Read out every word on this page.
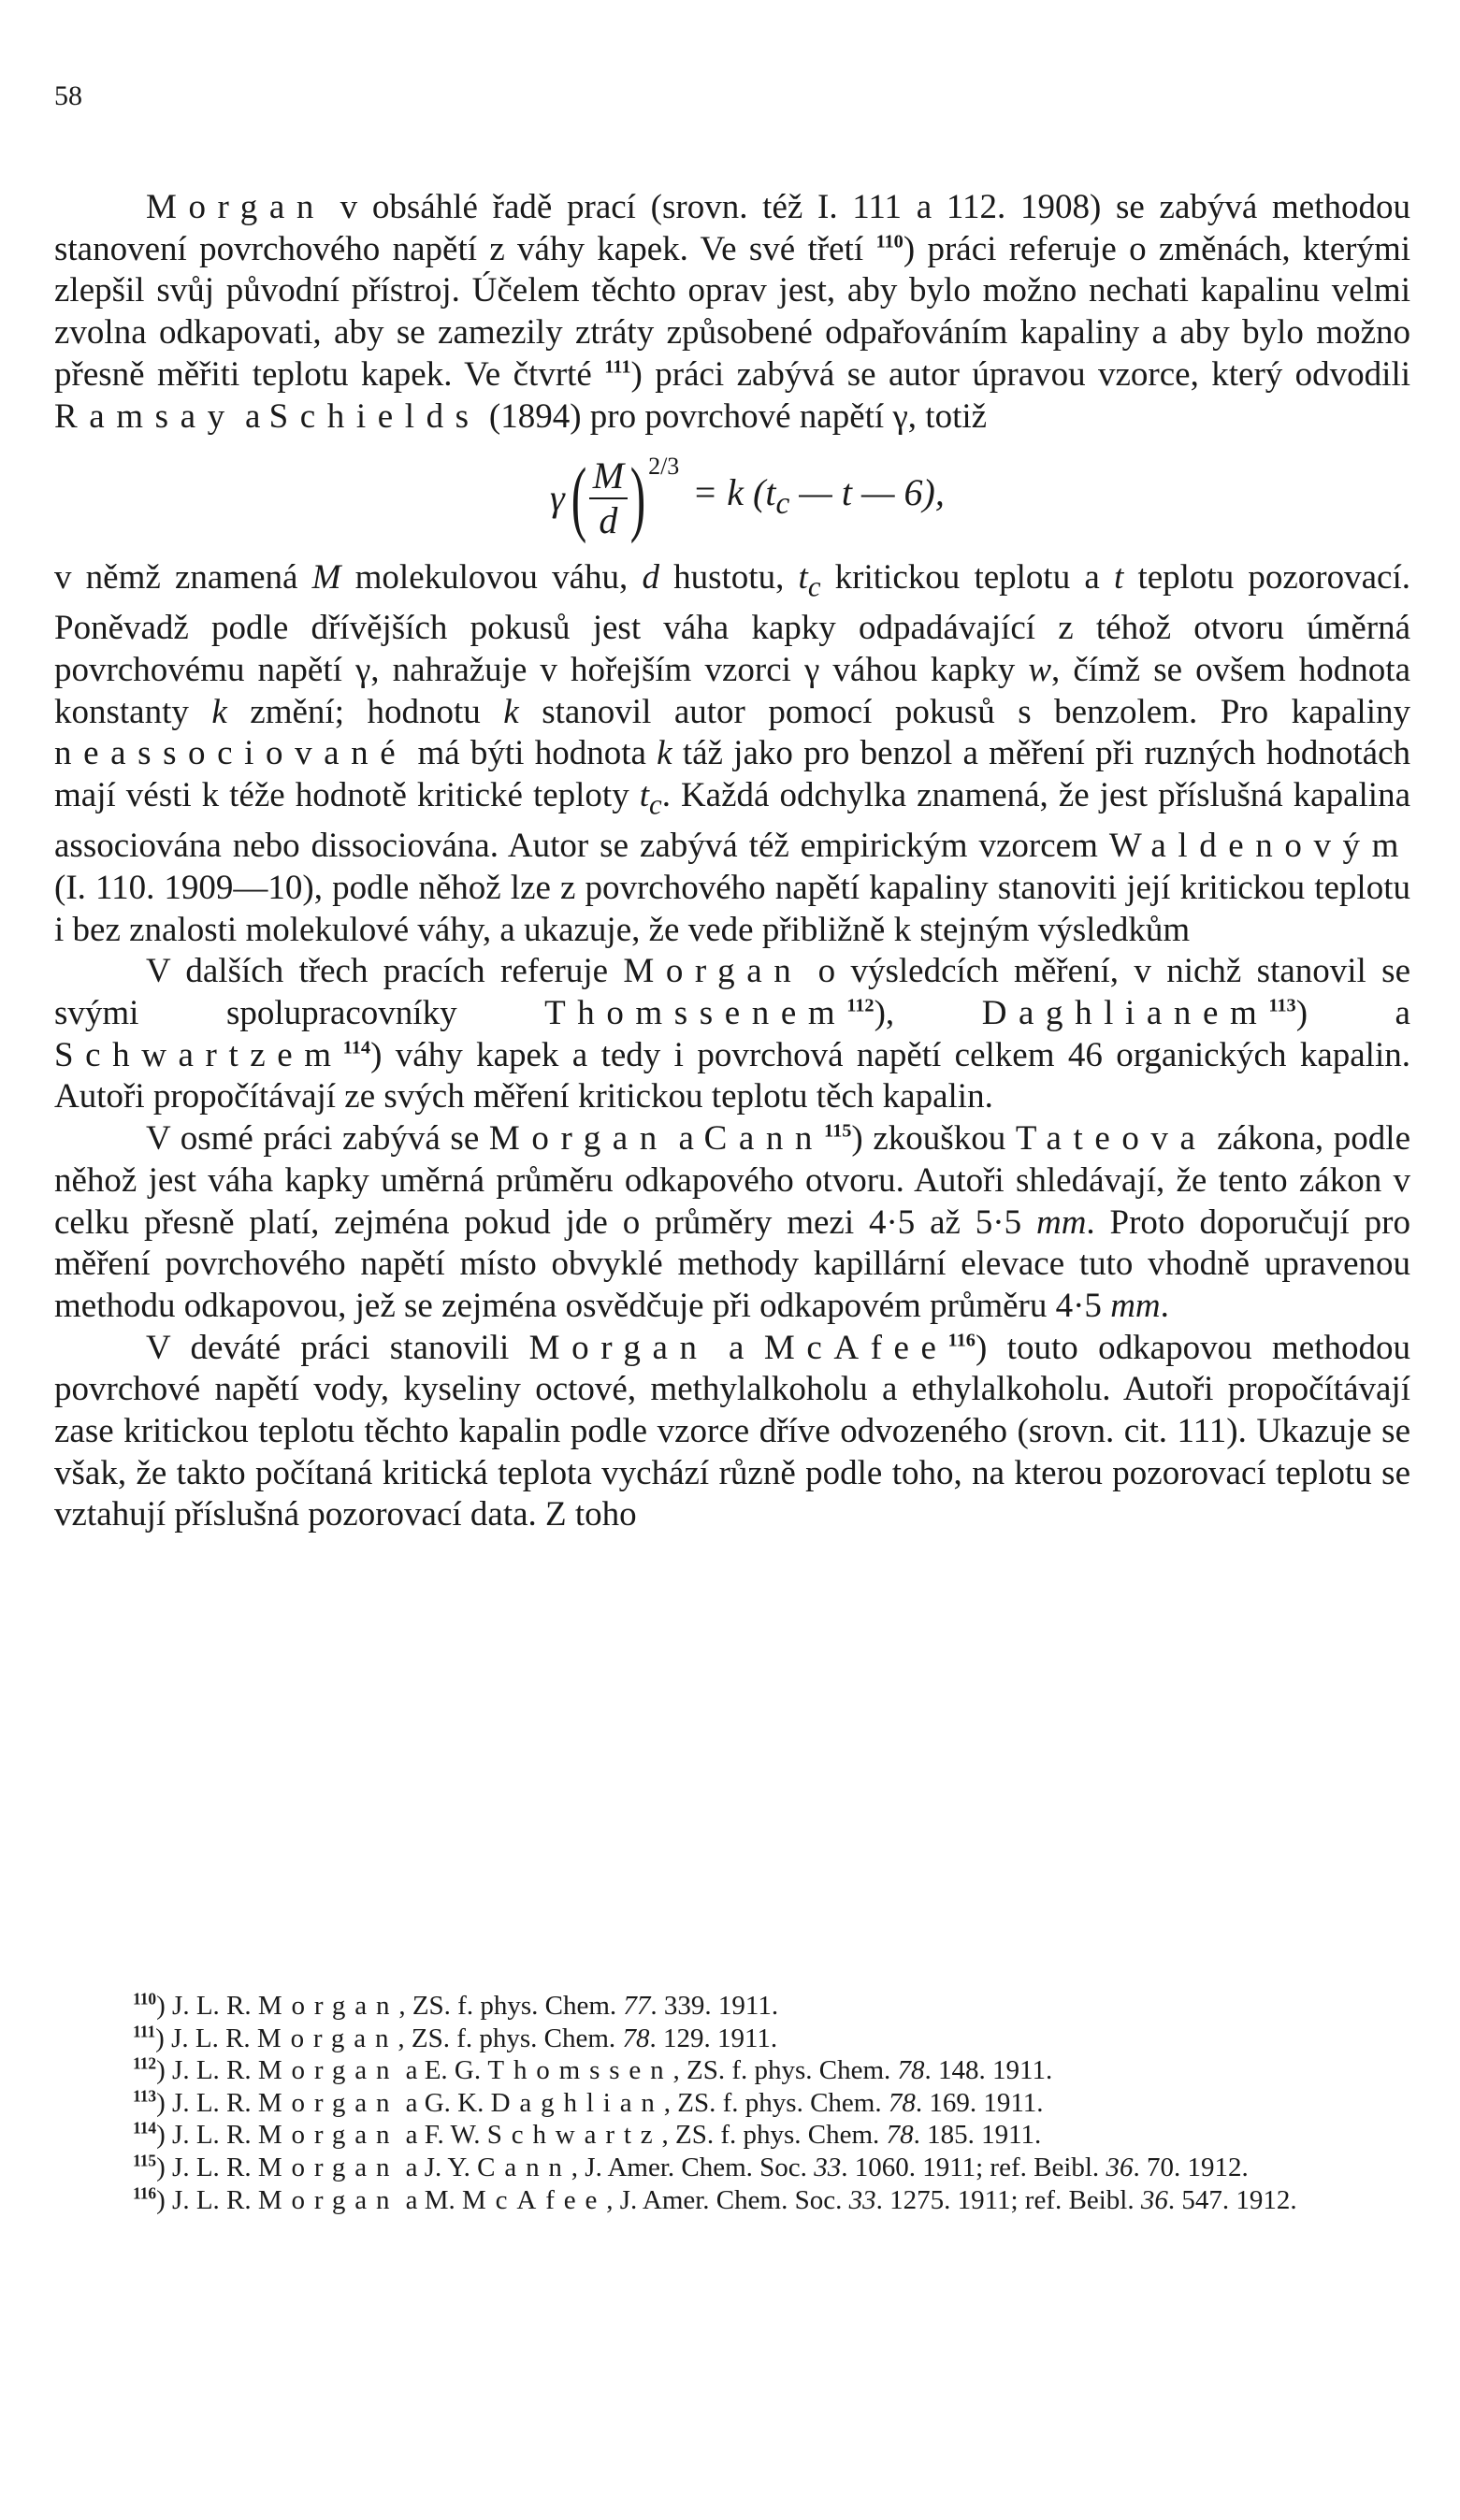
58

Morgan v obsáhlé řadě prací (srovn. též I. 111 a 112. 1908) se zabývá methodou stanovení povrchového napětí z váhy kapek. Ve své třetí $^{110}$) práci referuje o změnách, kterými zlepšil svůj původní přístroj. Účelem těchto oprav jest, aby bylo možno nechati kapalinu velmi zvolna odkapovati, aby se zamezily ztráty způsobené odpařováním kapaliny a aby bylo možno přesně měřiti teplotu kapek. Ve čtvrté $^{111}$) práci zabývá se autor úpravou vzorce, který odvodili Ramsay a Schields (1894) pro povrchové napětí γ, totiž

γ ( $\frac{M}{d}$ ) 2/3
= k ($t_c$ — t — 6),

v němž znamená M molekulovou váhu, d hustotu, $t_c$ kritickou teplotu a t teplotu pozorovací. Poněvadž podle dřívějších pokusů jest váha kapky odpadávající z téhož otvoru úměrná povrchovému napětí γ, nahražuje v hořejším vzorci γ váhou kapky w, čímž se ovšem hodnota konstanty k změní; hodnotu k stanovil autor pomocí pokusů s benzolem. Pro kapaliny neassociované má býti hodnota k táž jako pro benzol a měření při ruzných hodnotách mají vésti k téže hodnotě kritické teploty $t_c$. Každá odchylka znamená, že jest příslušná kapalina associována nebo dissociována. Autor se zabývá též empirickým vzorcem Waldenovým (I. 110. 1909—10), podle něhož lze z povrchového napětí kapaliny stanoviti její kritickou teplotu i bez znalosti molekulové váhy, a ukazuje, že vede přibližně k stejným výsledkům

V dalších třech pracích referuje Morgan o výsledcích měření, v nichž stanovil se svými spolupracovníky Thomssenem$^{112}$), Daghlianem$^{113}$) a Schwartzem$^{114}$) váhy kapek a tedy i povrchová napětí celkem 46 organických kapalin. Autoři propočítávají ze svých měření kritickou teplotu těch kapalin.

V osmé práci zabývá se Morgan a Cann$^{115}$) zkouškou Tateova zákona, podle něhož jest váha kapky uměrná průměru odkapového otvoru. Autoři shledávají, že tento zákon v celku přesně platí, zejména pokud jde o průměry mezi 4·5 až 5·5 mm. Proto doporučují pro měření povrchového napětí místo obvyklé methody kapillární elevace tuto vhodně upravenou methodu odkapovou, jež se zejména osvědčuje při odkapovém průměru 4·5 mm.

V deváté práci stanovili Morgan a McAfee$^{116}$) touto odkapovou methodou povrchové napětí vody, kyseliny octové, methylalkoholu a ethylalkoholu. Autoři propočítávají zase kritickou teplotu těchto kapalin podle vzorce dříve odvozeného (srovn. cit. 111). Ukazuje se však, že takto počítaná kritická teplota vychází různě podle toho, na kterou pozorovací teplotu se vztahují příslušná pozorovací data. Z toho

$^{110}$) J. L. R. Morgan, ZS. f. phys. Chem. 77. 339. 1911.

$^{111}$) J. L. R. Morgan, ZS. f. phys. Chem. 78. 129. 1911.

$^{112}$) J. L. R. Morgan a E. G. Thomssen, ZS. f. phys. Chem. 78. 148. 1911.

$^{113}$) J. L. R. Morgan a G. K. Daghlian, ZS. f. phys. Chem. 78. 169. 1911.

$^{114}$) J. L. R. Morgan a F. W. Schwartz, ZS. f. phys. Chem. 78. 185. 1911.

$^{115}$) J. L. R. Morgan a J. Y. Cann, J. Amer. Chem. Soc. 33. 1060. 1911; ref. Beibl. 36. 70. 1912.

$^{116}$) J. L. R. Morgan a M. McAfee, J. Amer. Chem. Soc. 33. 1275. 1911; ref. Beibl. 36. 547. 1912.
